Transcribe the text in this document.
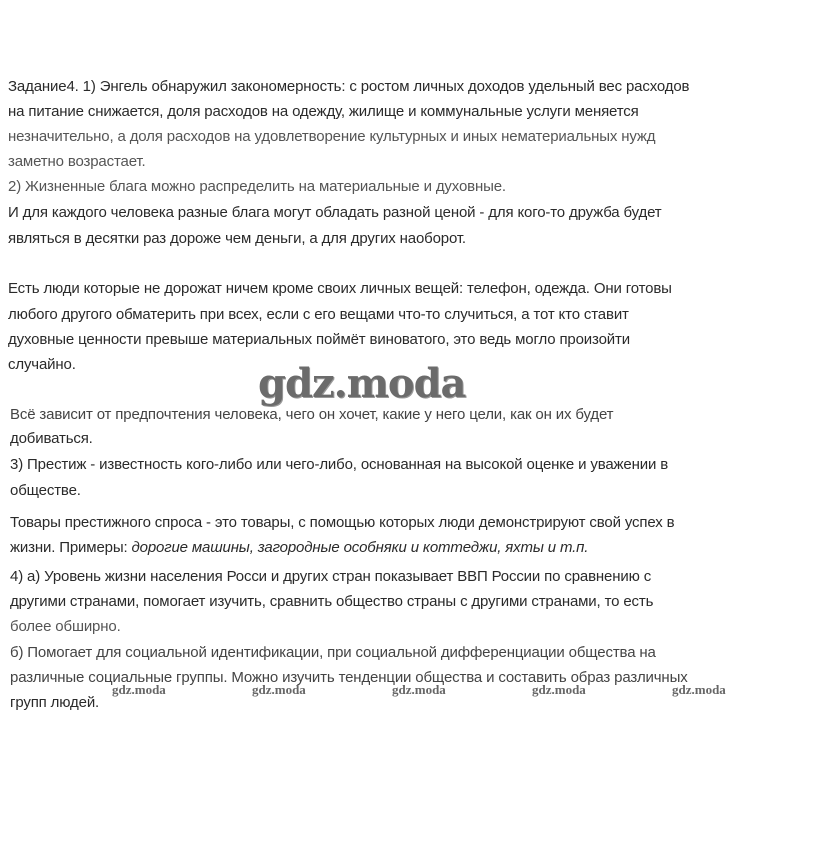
Задание4. 1) Энгель обнаружил закономерность: с ростом личных доходов удельный вес расходов
на питание снижается, доля расходов на одежду, жилище и коммунальные услуги меняется
незначительно, а доля расходов на удовлетворение культурных и иных нематериальных нужд
заметно возрастает.
2) Жизненные блага можно распределить на материальные и духовные.
И для каждого человека разные блага могут обладать разной ценой - для кого-то дружба будет
являться в десятки раз дороже чем деньги, а для других наоборот.
Есть люди которые не дорожат ничем кроме своих личных вещей: телефон, одежда. Они готовы
любого другого обматерить при всех, если с его вещами что-то случиться, а тот кто ставит
духовные ценности превыше материальных поймёт виноватого, это ведь могло произойти
случайно.	gdz.moda
Всё зависит от предпочтения человека, чего он хочет, какие у него цели, как он их будет
добиваться.
3) Престиж - известность кого-либо или чего-либо, основанная на высокой оценке и уважении в
обществе.
Товары престижного спроса - это товары, с помощью которых люди демонстрируют свой успех в
жизни. Примеры: дорогие машины, загородные особняки и коттеджи, яхты и т.п.
4) а) Уровень жизни населения Росси и других стран показывает ВВП России по сравнению с
другими странами, помогает изучить, сравнить общество страны с другими странами, то есть
более обширно.
б) Помогает для социальной идентификации, при социальной дифференциации общества на
различные социальные группы. Можно изучить тенденции общества и составить образ различных
групп людей.
gdz.moda	gdz.moda	gdz.moda	gdz.moda	gdz.moda
